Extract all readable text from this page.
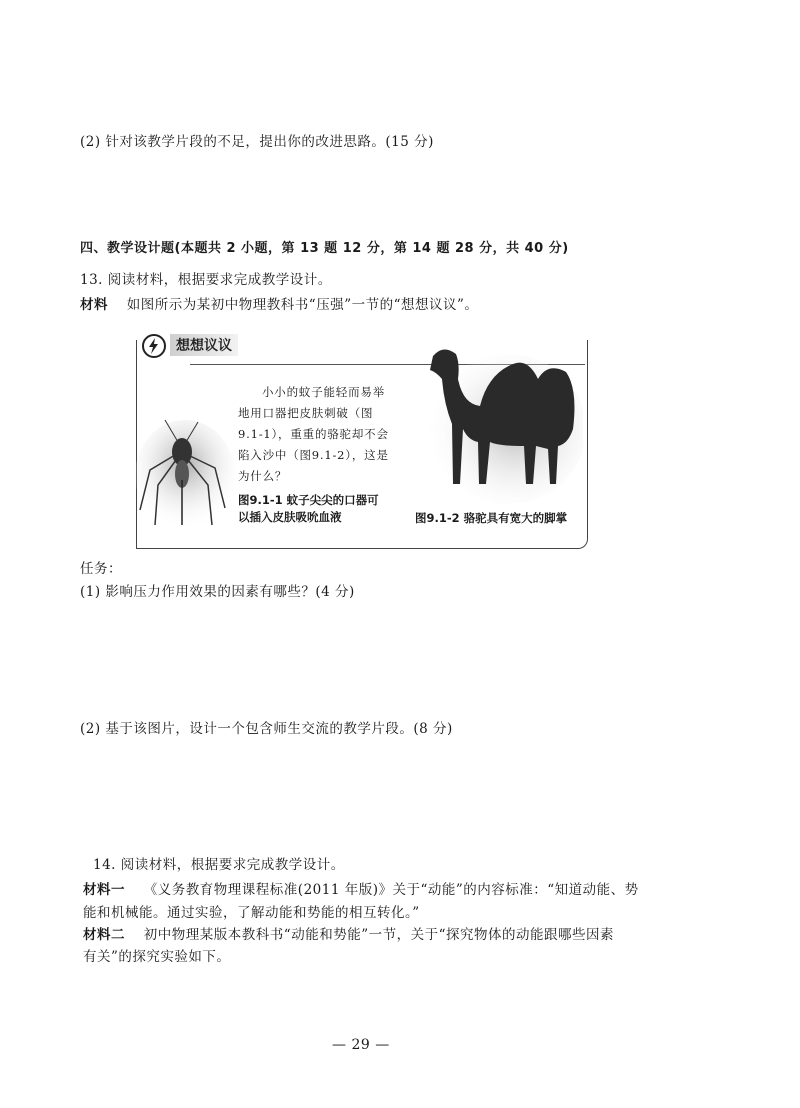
(2) 针对该教学片段的不足，提出你的改进思路。(15 分)
四、教学设计题(本题共 2 小题，第 13 题 12 分，第 14 题 28 分，共 40 分)
13. 阅读材料，根据要求完成教学设计。
材料 如图所示为某初中物理教科书“压强”一节的“想想议议”。
想想议议
小小的蚊子能轻而易举
地用口器把皮肤刺破（图
9.1-1），重重的骆驼却不会
陷入沙中（图9.1-2），这是
为什么？
图9.1-1 蚊子尖尖的口器可
以插入皮肤吸吮血液	图9.1-2 骆驼具有宽大的脚掌
任务：
(1) 影响压力作用效果的因素有哪些？(4 分)
(2) 基于该图片，设计一个包含师生交流的教学片段。(8 分)
14. 阅读材料，根据要求完成教学设计。
材料一 《义务教育物理课程标准(2011 年版)》关于“动能”的内容标准：“知道动能、势
能和机械能。通过实验，了解动能和势能的相互转化。”
材料二 初中物理某版本教科书“动能和势能”一节，关于“探究物体的动能跟哪些因素
有关”的探究实验如下。
— 29 —
